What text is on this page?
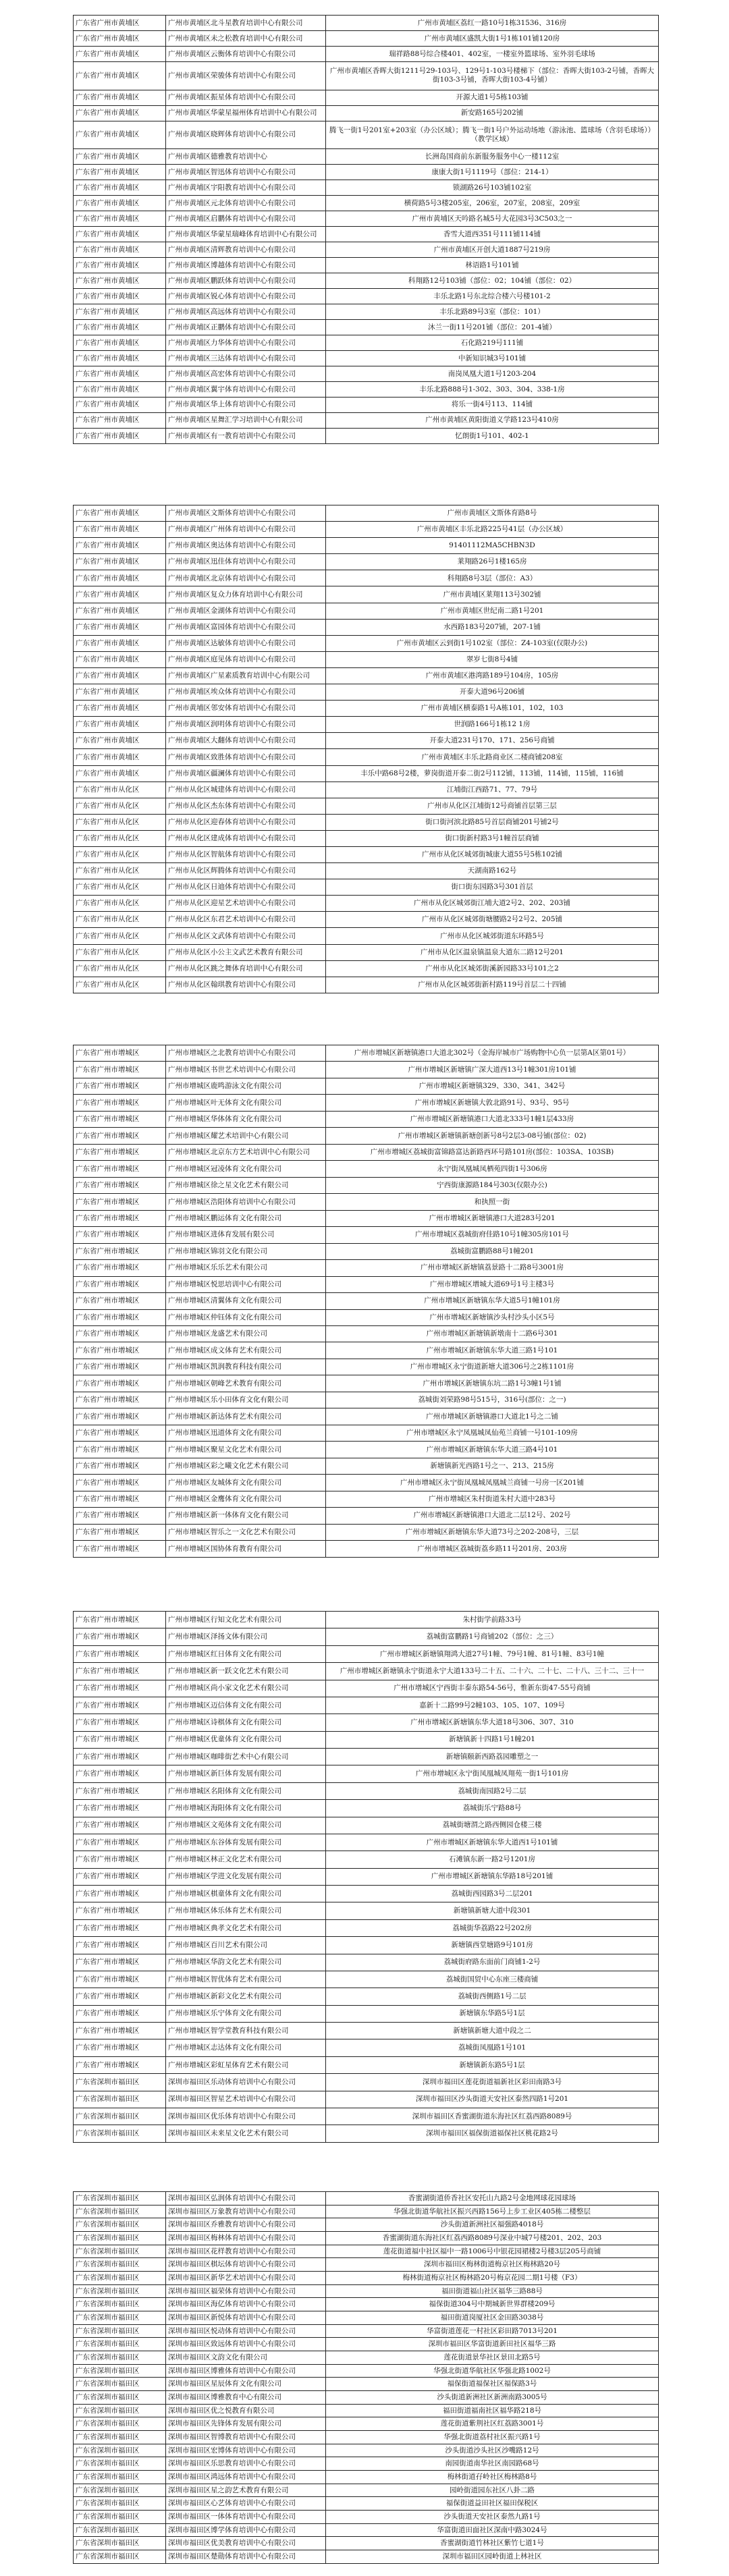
广东省广州市黄埔区	广州市黄埔区北斗星教育培训中心有限公司	广州市黄埔区荔红一路10号1栋31536、316房
广东省广州市黄埔区	广州市黄埔区未之松教育培训中心有限公司	广州市黄埔区盛凯大街1号1栋101铺120房
广东省广州市黄埔区	广州市黄埔区云衡体育培训中心有限公司	瑞祥路88号综合楼401、402室，一楼室外篮球场、室外羽毛球场
广东省广州市黄埔区	广州市黄埔区荣骏体育培训中心有限公司	广州市黄埔区香晖大街1211号29-103号、129号1-103号楼梯下（部位：香晖大街103-2号铺，香晖大街103-3号铺，香晖大街103-4号铺）
广东省广州市黄埔区	广州市黄埔区振星体育培训中心有限公司	开源大道1号5栋103铺
广东省广州市黄埔区	广州市黄埔区华蒙星福州体育培训中心有限公司	新安路165号202铺
广东省广州市黄埔区	广州市黄埔区晓辉体育培训中心有限公司	腾飞一街1号201室+203室（办公区域）；腾飞一街1号户外运动场地（游泳池、篮球场（含羽毛球场））（教学区域）
广东省广州市黄埔区	广州市黄埔区德雅教育培训中心	长洲岛国商前东新服务服务中心一楼112室
广东省广州市黄埔区	广州市黄埔区智迅体育培训中心有限公司	康康大街1号1119号（部位：214-1）
广东省广州市黄埔区	广州市黄埔区宇阳教育培训中心有限公司	锁湖路26号103铺102室
广东省广州市黄埔区	广州市黄埔区元北体育培训中心有限公司	横荷路5号3楼205室，206室，207室，208室，209室
广东省广州市黄埔区	广州市黄埔区启鹏体育培训中心有限公司	广州市黄埔区天吟路名城5号大花园3号3C503之一
广东省广州市黄埔区	广州市黄埔区华蒙星瑞峰体育培训中心有限公司	香雪大道西351号111铺114铺
广东省广州市黄埔区	广州市黄埔区清辉教育培训中心有限公司	广州市黄埔区开创大道1887号219房
广东省广州市黄埔区	广州市黄埔区博越体育培训中心有限公司	林语路1号101铺
广东省广州市黄埔区	广州市黄埔区鹏跃体育培训中心有限公司	科翔路12号103铺（部位：02；104铺（部位：02）
广东省广州市黄埔区	广州市黄埔区锐心体育培训中心有限公司	丰乐北路1号东北综合楼六号楼101-2
广东省广州市黄埔区	广州市黄埔区高远体育培训中心有限公司	丰乐北路89号3室（部位：101）
广东省广州市黄埔区	广州市黄埔区正鹏体育培训中心有限公司	沐兰一街11号201铺（部位：201-4铺）
广东省广州市黄埔区	广州市黄埔区力华体育培训中心有限公司	石化路219号111铺
广东省广州市黄埔区	广州市黄埔区三达体育培训中心有限公司	中新知识城3号101铺
广东省广州市黄埔区	广州市黄埔区高宏体育培训中心有限公司	南岗凤凰大道1号1203-204
广东省广州市黄埔区	广州市黄埔区翼宇体育培训中心有限公司	丰乐北路888号1-302、303、304、338-1房
广东省广州市黄埔区	广州市黄埔区华上体育培训中心有限公司	将乐一街4号113、114铺
广东省广州市黄埔区	广州市黄埔区星舞汇学习培训中心有限公司	广州市黄埔区黄阳街道义学路123号410房
广东省广州市黄埔区	广州市黄埔区有一教育培训中心有限公司	忆朗街1号101、402-1
广东省广州市黄埔区	广州市黄埔区文斯体育培训中心有限公司	广州市黄埔区文斯体育路8号
广东省广州市黄埔区	广州市黄埔区广州体育培训中心有限公司	广州市黄埔区丰乐北路225号41层（办公区域）
广东省广州市黄埔区	广州市黄埔区奥达体育培训中心有限公司	91401112MA5CHBN3D
广东省广州市黄埔区	广州市黄埔区迅佳体育培训中心有限公司	莱翔路26号1楼165房
广东省广州市黄埔区	广州市黄埔区北京体育培训中心有限公司	科翔路8号3层（部位：A3）
广东省广州市黄埔区	广州市黄埔区复众力体育培训中心有限公司	广州市黄埔区莱翔113号302铺
广东省广州市黄埔区	广州市黄埔区金湖体育培训中心有限公司	广州市黄埔区世纪南二路1号201
广东省广州市黄埔区	广州市黄埔区富园体育培训中心有限公司	水西路183号207铺，207-1铺
广东省广州市黄埔区	广州市黄埔区达敏体育培训中心有限公司	广州市黄埔区云到街1号102室（部位：Z4-103室(仅限办公)
广东省广州市黄埔区	广州市黄埔区庭见体育培训中心有限公司	翠岁七街8号4铺
广东省广州市黄埔区	广州市黄埔区广星素质教育培训中心有限公司	广州市黄埔区港湾路189号104房，105房
广东省广州市黄埔区	广州市黄埔区埃众体育培训中心有限公司	开泰大道96号206铺
广东省广州市黄埔区	广州市黄埔区邻安体育培训中心有限公司	广州市黄埔区横泰路1号A栋101，102，103
广东省广州市黄埔区	广州市黄埔区润明体育培训中心有限公司	世润路166号1栋12 1房
广东省广州市黄埔区	广州市黄埔区大翻体育培训中心有限公司	开泰大道231号170、171、256号商铺
广东省广州市黄埔区	广州市黄埔区致胜体育培训中心有限公司	广州市黄埔区丰乐北路商业区二楼商铺208室
广东省广州市黄埔区	广州市黄埔区疆澜体育培训中心有限公司	丰乐中路68号2楼，萝岗街道开泰二街2号112铺，113铺，114铺，115铺，116铺
广东省广州市从化区	广州市从化区城建体育培训中心有限公司	江埔街江西路71、77、79号
广东省广州市从化区	广州市从化区杰东体育培训中心有限公司	广州市从化区江埔街12号商铺首层第三层
广东省广州市从化区	广州市从化区迎春体育培训中心有限公司	街口街河滨北路85号首层商铺201号铺2号
广东省广州市从化区	广州市从化区建成体育培训中心有限公司	街口街新村路3号1幢首层商铺
广东省广州市从化区	广州市从化区智航体育培训中心有限公司	广州市从化区城郊街城康大道55号5栋102铺
广东省广州市从化区	广州市从化区辉腾体育培训中心有限公司	天湖南路162号
广东省广州市从化区	广州市从化区日迪体育培训中心有限公司	街口街东园路3号301首层
广东省广州市从化区	广州市从化区迎星艺术培训中心有限公司	广州市从化区城郊街江埔大道2号2、202、203铺
广东省广州市从化区	广州市从化区东君艺术培训中心有限公司	广州市从化区城郊街塘腰路2号2号2、205铺
广东省广州市从化区	广州市从化区文武体育培训中心有限公司	广州市从化区城郊街道东环路5号
广东省广州市从化区	广州市从化区小公主文武艺术教育有限公司	广州市从化区温泉镇温泉大道东二路12号201
广东省广州市从化区	广州市从化区跳之舞体育培训中心有限公司	广州市从化区城郊街溪新园路33号101之2
广东省广州市从化区	广州市从化区翰琪教育培训中心有限公司	广州市从化区城郊街新村路119号首层二十四铺
广东省广州市增城区	广州市增城区之北教育培训中心有限公司	广州市增城区新塘镇港口大道北302号（金海岸城市广场购物中心负一层第A区第01号）
广东省广州市增城区	广州市增城区书世艺术培训中心有限公司	广州市增城区新塘镇广深大道西13号1幢301房101铺
广东省广州市增城区	广州市增城区鹿鸣游泳文化有限公司	广州市增城区新塘镇329、330、341、342号
广东省广州市增城区	广州市增城区叶无体育文化有限公司	广州市增城区新塘镇大敦北路91号、93号、95号
广东省广州市增城区	广州市增城区华体体育文化有限公司	广州市增城区新塘镇港口大道北333号1幢1层433房
广东省广州市增城区	广州市增城区耀艺术培训中心有限公司	广州市增城区新塘镇新塘创新号8号2层3-08号铺(部位：02)
广东省广州市增城区	广州市增城区北京东方艺术培训中心有限公司	广州市增城区荔城街富锦路富达新路西环号路101房(部位：103SA、103SB)
广东省广州市增城区	广州市增城区冠凌体育文化有限公司	永宁街凤凰城凤栖苑四街1号306房
广东省广州市增城区	广州市增城区徐之星文化艺术有限公司	宁西街康源路184号303(仅限办公)
广东省广州市增城区	广州市增城区浩阳体育培训中心有限公司	和执照一街
广东省广州市增城区	广州市增城区鹏运体育文化有限公司	广州市增城区新塘镇港口大道283号201
广东省广州市增城区	广州市增城区进体育发展有限公司	广州市增城区荔城街府佳路10号1幢305房101号
广东省广州市增城区	广州市增城区锦羽文化有限公司	荔城街富鹏路88号1幢201
广东省广州市增城区	广州市增城区乐乐艺术有限公司	广州市增城区新塘镇荔景路十二路8号3001房
广东省广州市增城区	广州市增城区悦思培训中心有限公司	广州市增城区增城大道69号1号主楼3号
广东省广州市增城区	广州市增城区清翼体育文化有限公司	广州市增城区新塘镇东华大道5号1幢101房
广东省广州市增城区	广州市增城区仲钰体育文化有限公司	广州市增城区新塘镇沙头村沙头小区5号
广东省广州市增城区	广州市增城区龙盛艺术有限公司	广州市增城区新塘镇新墩南十二路6号301
广东省广州市增城区	广州市增城区成文体育艺术有限公司	广州市增城区新塘镇东华大道三路1号101
广东省广州市增城区	广州市增城区凯润教育科技有限公司	广州市增城区永宁街道新塘大道306号之2栋1101房
广东省广州市增城区	广州市增城区朝峰艺术教育有限公司	广州市增城区新塘镇东坑二路1号3幢1号1铺
广东省广州市增城区	广州市增城区乐小田体育文化有限公司	荔城街刘荣路98号515号，316号(部位：之一)
广东省广州市增城区	广州市增城区新达体育艺术有限公司	广州市增城区新塘镇港口大道北1号之二铺
广东省广州市增城区	广州市增城区迅道体育文化有限公司	广州市增城区永宁凤凰城凤仙苑兰商铺一号101-109房
广东省广州市增城区	广州市增城区聚星文化艺术有限公司	广州市增城区新塘镇东华大道三路4号101
广东省广州市增城区	广州市增城区彩之曦文化艺术有限公司	新塘镇新光西路1号之一、213、215房
广东省广州市增城区	广州市增城区友城体育文化有限公司	广州市增城区永宁街凤凰城凤凰城兰商铺一号房一区201铺
广东省广州市增城区	广州市增城区金鹰体育文化有限公司	广州市增城区朱村街道朱村大道中283号
广东省广州市增城区	广州市增城区新一体体育文化有限公司	广州市增城区新塘镇港口大道北二层12号、202号
广东省广州市增城区	广州市增城区智乐之一文化艺术有限公司	广州市增城区新塘镇东华大道73号之202-208号，三层
广东省广州市增城区	广州市增城区国协体育教育有限公司	广州市增城区荔城街荔乡路11号201房、203房
广东省广州市增城区	广州市增城区行知文化艺术有限公司	朱村街学前路33号
广东省广州市增城区	广州市增城区泽扬文体有限公司	荔城街富鹏路1号商铺202（部位：之三）
广东省广州市增城区	广州市增城区红日体育文化有限公司	广州市增城区新塘镇翔鸿大道27号1幢、79号1幢、81号1幢、83号1幢
广东省广州市增城区	广州市增城区新一跃文化艺术有限公司	广州市增城区新塘镇永宁街道永宁大道133号二十五、二十六、二十七、二十八、三十二、三十一
广东省广州市增城区	广州市增城区尚小家文化艺术有限公司	广州市增城区宁西街丰泰东路54-56号，惟新东街47-55号商铺
广东省广州市增城区	广州市增城区迈信体育文化有限公司	嘉新十二路99号2幢103、105、107、109号
广东省广州市增城区	广州市增城区诗棋体育文化有限公司	广州市增城区新塘镇东华大道18号306、307、310
广东省广州市增城区	广州市增城区优童体育文化有限公司	新塘镇新十四路1号1幢201
广东省广州市增城区	广州市增城区咖啡街艺术中心有限公司	新塘镇颐新西路荔园雕塑之一
广东省广州市增城区	广州市增城区新巨体育发展有限公司	广州市增城区永宁街凤凰城凤翔苑一街1号101房
广东省广州市增城区	广州市增城区名阳体育文化有限公司	荔城街南园路2号二层
广东省广州市增城区	广州市增城区海阳体育文化有限公司	荔城街乐宁路88号
广东省广州市增城区	广州市增城区文苑体育文化有限公司	荔城街塘渭之路西侧园仓楼三楼
广东省广州市增城区	广州市增城区东谷体育发展有限公司	广州市增城区新塘镇东华大道西1号101铺
广东省广州市增城区	广州市增城区林正文化艺术有限公司	石滩镇东新一路2号1201房
广东省广州市增城区	广州市增城区学进文化发展有限公司	广州市增城区新塘镇东华路18号201铺
广东省广州市增城区	广州市增城区棋童体育文化有限公司	荔城街西园路3号二层201
广东省广州市增城区	广州市增城区体乐体育艺术有限公司	新塘镇新塘大道中段301
广东省广州市增城区	广州市增城区典孝文化艺术有限公司	荔城街华荔路22号202房
广东省广州市增城区	广州市增城区百川艺术有限公司	新塘镇西堂塘路9号101房
广东省广州市增城区	广州市增城区华韵文化艺术有限公司	荔城街府路东面前门商铺1-2号
广东省广州市增城区	广州市增城区智优体育艺术有限公司	荔城街国贸中心东座三楼商铺
广东省广州市增城区	广州市增城区新彩文化艺术有限公司	荔城街西侧路1号二层
广东省广州市增城区	广州市增城区乐宁体育文化有限公司	新塘镇东华路5号1层
广东省广州市增城区	广州市增城区智学堂教育科技有限公司	新塘镇新塘大道中段之二
广东省广州市增城区	广州市增城区志达体育文化有限公司	荔城街凤凰路1号101
广东省广州市增城区	广州市增城区彩虹星体育艺术有限公司	新塘镇新东路5号1层
广东省深圳市福田区	深圳市福田区乐动体育培训中心有限公司	深圳市福田区莲花街道福新社区彩田南路3号
广东省深圳市福田区	深圳市福田区智星艺术培训中心有限公司	深圳市福田区沙头街道天安社区泰然四路1号201
广东省深圳市福田区	深圳市福田区优乐体育培训中心有限公司	深圳市福田区香蜜湖街道东海社区红荔西路8089号
广东省深圳市福田区	深圳市福田区未来星文化艺术有限公司	深圳市福田区福保街道福保社区桃花路2号
广东省深圳市福田区	深圳市福田区弘润体育培训中心有限公司	香蜜湖街道侨香社区安托山九路2号金地网球花园球场
广东省深圳市福田区	深圳市福田区万象教育培训中心有限公司	华强北街道华航社区振兴西路156号上步工业区405栋二楼整层
广东省深圳市福田区	深圳市福田区乔雅教育培训中心有限公司	沙头街道新洲社区福强路4018号
广东省深圳市福田区	深圳市福田区梅林体育培训中心有限公司	香蜜湖街道东海社区红荔西路8089号深业中城7号楼201、202、203
广东省深圳市福田区	深圳市福田区花样教育培训中心有限公司	莲花街道福中社区福中一路1006号中银花园裙楼2号楼3层205号商铺
广东省深圳市福田区	深圳市福田区棋坛体育培训中心有限公司	深圳市福田区梅林街道梅京社区梅林路20号
广东省深圳市福田区	深圳市福田区新华艺术培训中心有限公司	梅林街道梅京社区梅林路20号梅京花园二期1号楼（F3）
广东省深圳市福田区	深圳市福田区福荣体育培训中心有限公司	福田街道福山社区福华三路88号
广东省深圳市福田区	深圳市福田区海亿体育培训中心有限公司	福保街道304号中期城新世界群楼209号
广东省深圳市福田区	深圳市福田区新悦体育培训中心有限公司	福田街道岗厦社区金田路3038号
广东省深圳市福田区	深圳市福田区悦动体育培训中心有限公司	华富街道莲花一村社区彩田路7013号201
广东省深圳市福田区	深圳市福田区致远体育培训中心有限公司	深圳市福田区华富街道新田社区福华三路
广东省深圳市福田区	深圳市福田区文韵文化有限公司	莲花街道景华社区景田北路5号
广东省深圳市福田区	深圳市福田区博雅体育培训中心有限公司	华强北街道华航社区华强北路1002号
广东省深圳市福田区	深圳市福田区星辰体育文化有限公司	福保街道福保社区福保路3号
广东省深圳市福田区	深圳市福田区博雅教育中心有限公司	沙头街道新洲社区新洲南路3005号
广东省深圳市福田区	深圳市福田区优之悦教育有限公司	福田街道福南社区福华路218号
广东省深圳市福田区	深圳市福田区先锋体育发展有限公司	莲花街道紫荆社区红荔路3001号
广东省深圳市福田区	深圳市福田区智博教育培训中心有限公司	华强北街道荔村社区振兴路1号
广东省深圳市福田区	深圳市福田区宏博体育培训中心有限公司	沙头街道沙头社区沙嘴路12号
广东省深圳市福田区	深圳市福田区乐思教育培训中心有限公司	南园街道南华社区南园路68号
广东省深圳市福田区	深圳市福田区鸿远体育培训中心有限公司	梅林街道孖岭社区梅林路8号
广东省深圳市福田区	深圳市福田区星之韵艺术教育有限公司	园岭街道园东社区八卦二路
广东省深圳市福田区	深圳市福田区心艺体育培训中心有限公司	福保街道益田社区福田保税区
广东省深圳市福田区	深圳市福田区一体体育培训中心有限公司	沙头街道天安社区泰然九路1号
广东省深圳市福田区	深圳市福田区博学体育培训中心有限公司	华富街道田面社区深南中路3024号
广东省深圳市福田区	深圳市福田区优美教育培训中心有限公司	香蜜湖街道竹林社区紫竹七道1号
广东省深圳市福田区	深圳市福田区楚勋体育培训中心有限公司	深圳市福田区园岭街道上林社区
